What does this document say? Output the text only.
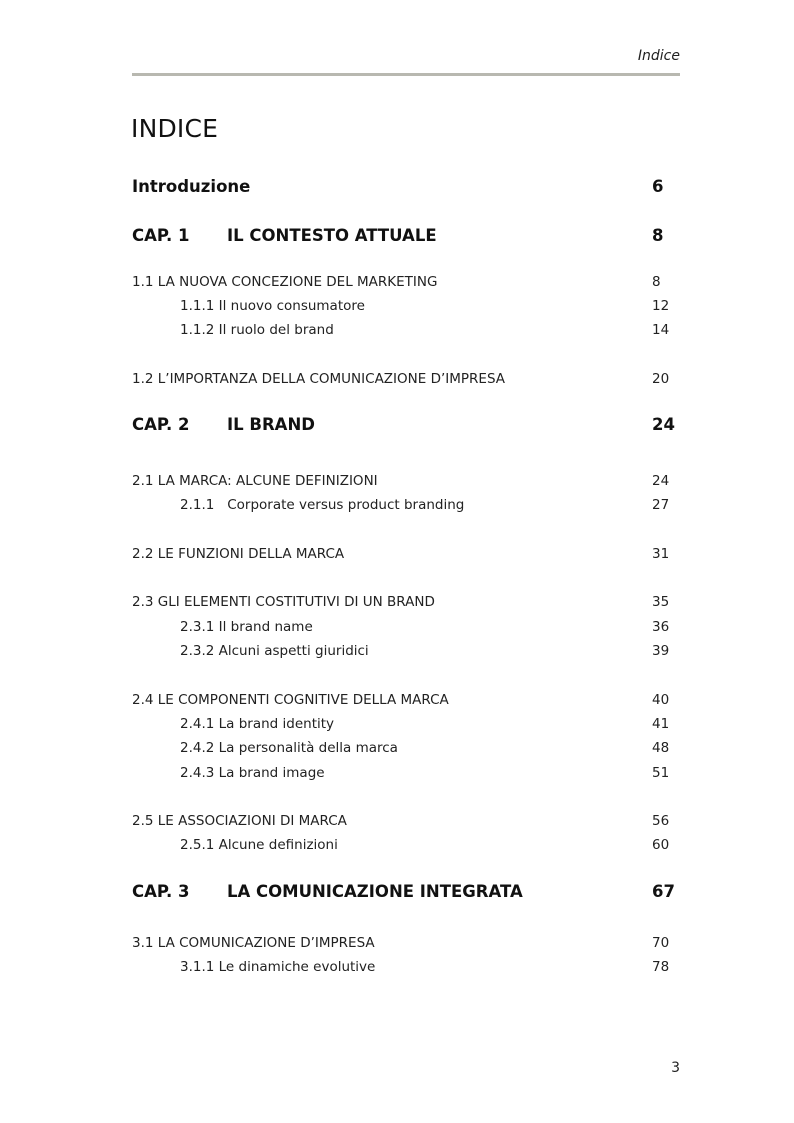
Indice
INDICE
Introduzione	6
CAP. 1 IL CONTESTO ATTUALE	8
1.1 LA NUOVA CONCEZIONE DEL MARKETING	8
1.1.1 Il nuovo consumatore	12
1.1.2 Il ruolo del brand	14
1.2 L’IMPORTANZA DELLA COMUNICAZIONE D’IMPRESA	20
CAP. 2 IL BRAND	24
2.1 LA MARCA: ALCUNE DEFINIZIONI	24
2.1.1   Corporate versus product branding	27
2.2 LE FUNZIONI DELLA MARCA	31
2.3 GLI ELEMENTI COSTITUTIVI DI UN BRAND	35
2.3.1 Il brand name	36
2.3.2 Alcuni aspetti giuridici	39
2.4 LE COMPONENTI COGNITIVE DELLA MARCA	40
2.4.1 La brand identity	41
2.4.2 La personalità della marca	48
2.4.3 La brand image	51
2.5 LE ASSOCIAZIONI DI MARCA	56
2.5.1 Alcune definizioni	60
CAP. 3 LA COMUNICAZIONE INTEGRATA	67
3.1 LA COMUNICAZIONE D’IMPRESA	70
3.1.1 Le dinamiche evolutive	78
3
